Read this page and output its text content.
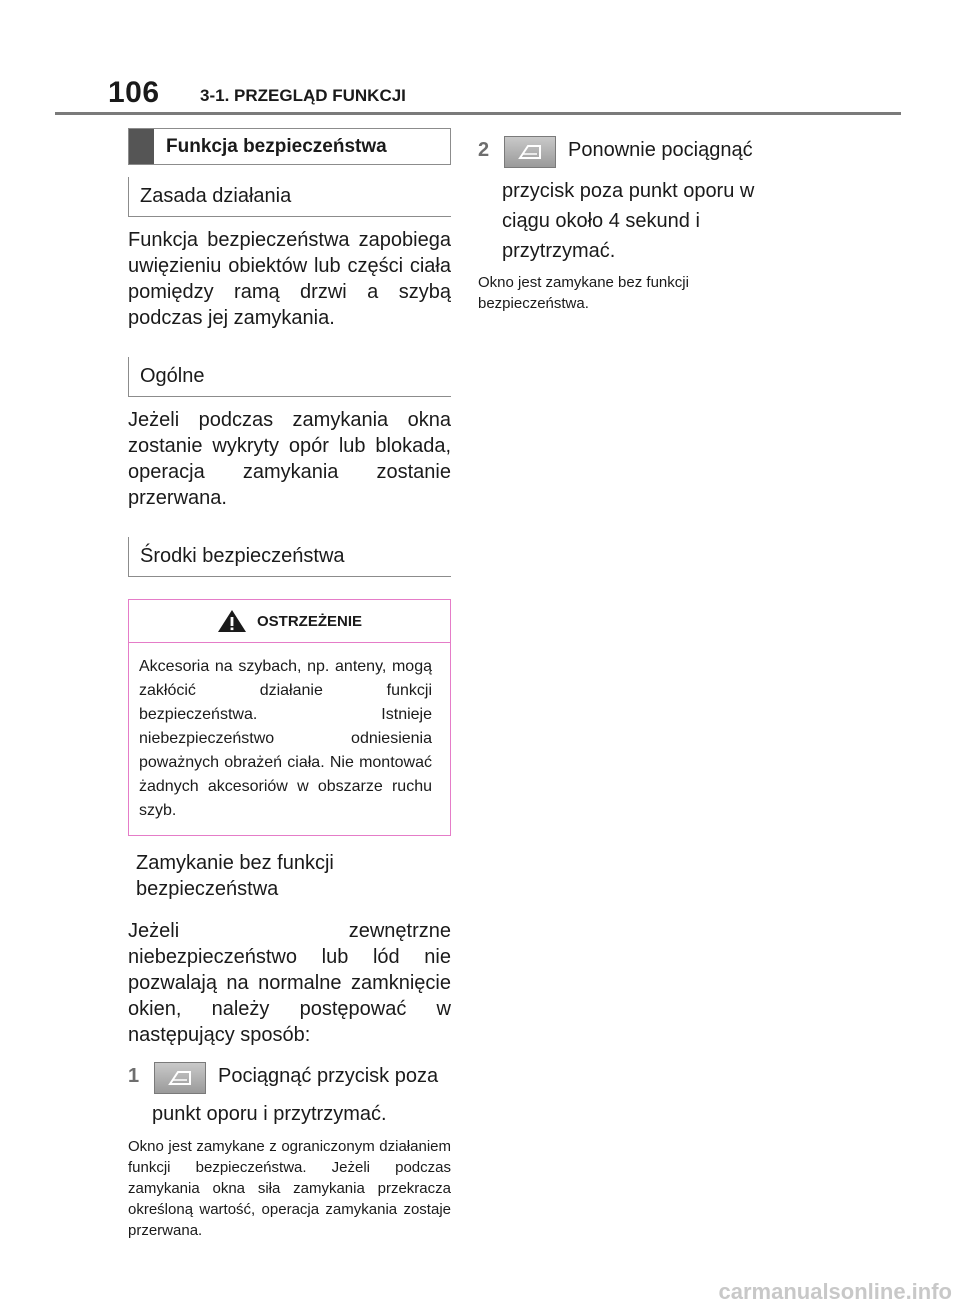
106 3-1. PRZEGLĄD FUNKCJI
Funkcja bezpieczeństwa
Zasada działania
Funkcja bezpieczeństwa zapobiega uwięzieniu obiektów lub części ciała pomiędzy ramą drzwi a szybą podczas jej zamykania.
Ogólne
Jeżeli podczas zamykania okna zostanie wykryty opór lub blokada, operacja zamykania zostanie przerwana.
Środki bezpieczeństwa
OSTRZEŻENIE
Akcesoria na szybach, np. anteny, mogą zakłócić działanie funkcji bezpieczeństwa. Istnieje niebezpieczeństwo odniesienia poważnych obrażeń ciała. Nie montować żadnych akcesoriów w obszarze ruchu szyb.
Zamykanie bez funkcji
bezpieczeństwa
Jeżeli zewnętrzne niebezpieczeństwo lub lód nie pozwalają na normalne zamknięcie okien, należy postępować w następujący sposób:
1	Pociągnąć przycisk poza
punkt oporu i przytrzymać.
Okno jest zamykane z ograniczonym działaniem funkcji bezpieczeństwa. Jeżeli podczas zamykania okna siła zamykania przekracza określoną wartość, operacja zamykania zostaje przerwana.
2	Ponownie pociągnąć
przycisk poza punkt oporu w ciągu około 4 sekund i przytrzymać.
Okno jest zamykane bez funkcji bezpieczeństwa.
carmanualsonline.info
